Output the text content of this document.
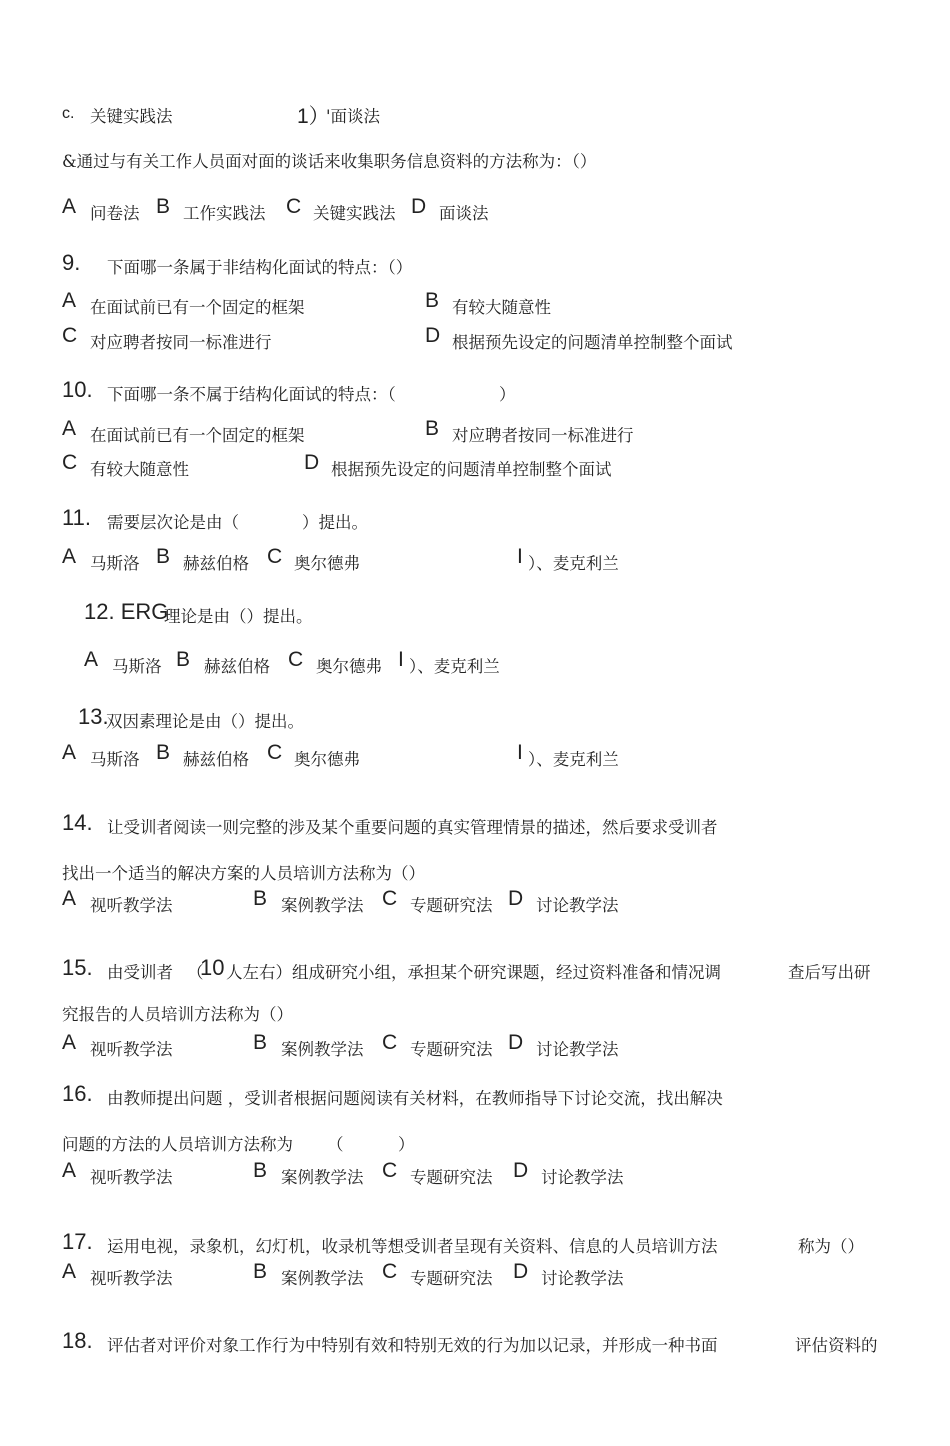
c. 关键实践法	1）
'面谈法
&通过与有关工作人员面对面的谈话来收集职务信息资料的方法称为：（）
A 问卷法 B 工作实践法 C 关键实践法 D 面谈法
9. 下面哪一条属于非结构化面试的特点：（）
A 在面试前已有一个固定的框架	B 有较大随意性
C 对应聘者按同一标准进行	D 根据预先设定的问题清单控制整个面试
10. 下面哪一条不属于结构化面试的特点：（	）
A 在面试前已有一个固定的框架	B 对应聘者按同一标准进行
C 有较大随意性	D 根据预先设定的问题清单控制整个面试
11. 需要层次论是由（	）提出。
A 马斯洛 B 赫兹伯格 C 奥尔德弗	I ）、麦克利兰
12. ERG
理论是由（）提出。
A 马斯洛 B 赫兹伯格 C 奥尔德弗 I ）、麦克利兰
13.
双因素理论是由（）提出。
A 马斯洛 B 赫兹伯格 C 奥尔德弗	I ）、麦克利兰
14. 让受训者阅读一则完整的涉及某个重要问题的真实管理情景的描述，然后要求受训者
找出一个适当的解决方案的人员培训方法称为（）
A 视听教学法	B 案例教学法 C 专题研究法 D 讨论教学法
15. 由受训者 （
10 人左右）组成研究小组，承担某个研究课题，经过资料准备和情况调	查后写出研
究报告的人员培训方法称为（）
A 视听教学法	B 案例教学法 C 专题研究法 D 讨论教学法
16. 由教师提出问题 ，受训者根据问题阅读有关材料，在教师指导下讨论交流，找出解决
问题的方法的人员培训方法称为 （	）
A 视听教学法	B 案例教学法 C 专题研究法 D 讨论教学法
17. 运用电视，录象机，幻灯机，收录机等想受训者呈现有关资料、信息的人员培训方法	称为（）
A 视听教学法	B 案例教学法 C 专题研究法 D 讨论教学法
18. 评估者对评价对象工作行为中特别有效和特别无效的行为加以记录，并形成一种书面	评估资料的
